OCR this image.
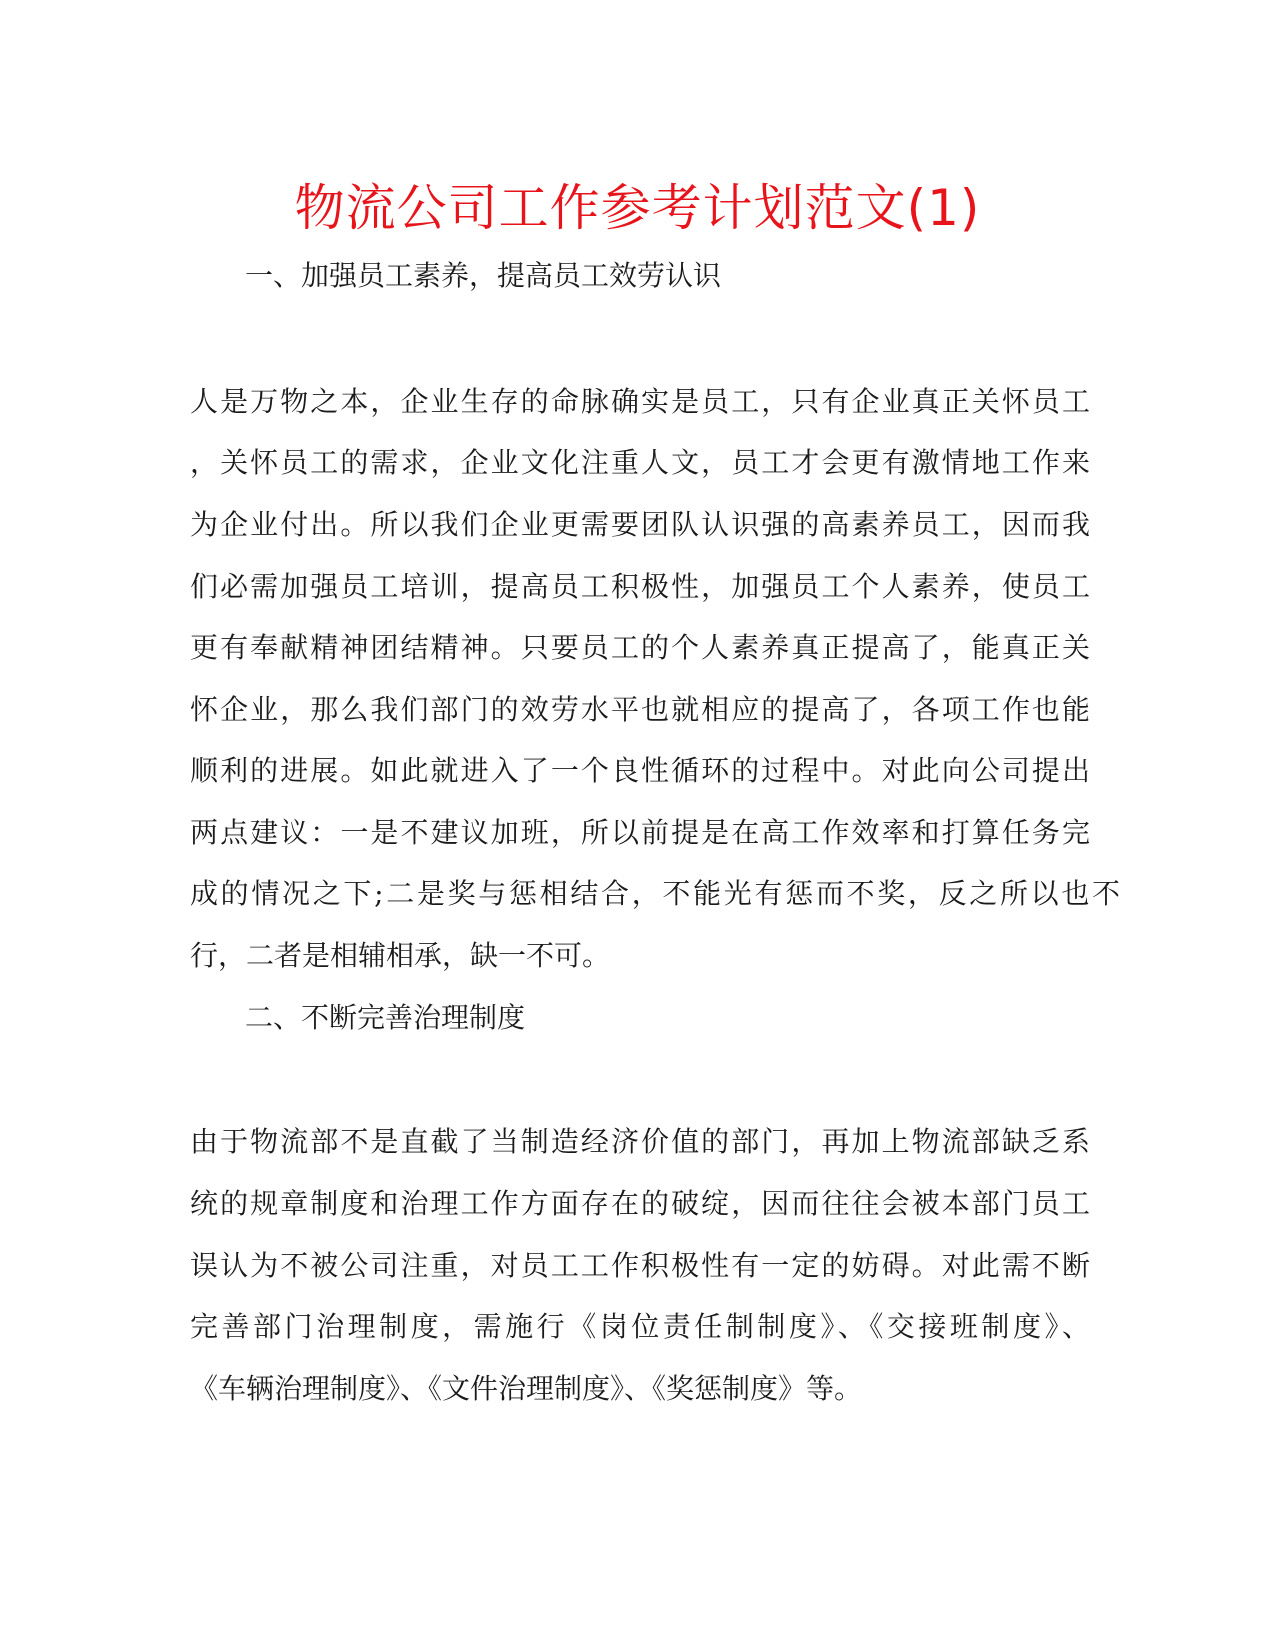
物流公司工作参考计划范文(1)
一、加强员工素养，提高员工效劳认识
人是万物之本，企业生存的命脉确实是员工，只有企业真正关怀员工
，关怀员工的需求，企业文化注重人文，员工才会更有激情地工作来
为企业付出。所以我们企业更需要团队认识强的高素养员工，因而我
们必需加强员工培训，提高员工积极性，加强员工个人素养，使员工
更有奉献精神团结精神。只要员工的个人素养真正提高了，能真正关
怀企业，那么我们部门的效劳水平也就相应的提高了，各项工作也能
顺利的进展。如此就进入了一个良性循环的过程中。对此向公司提出
两点建议：一是不建议加班，所以前提是在高工作效率和打算任务完
成的情况之下;二是奖与惩相结合，不能光有惩而不奖，反之所以也不
行，二者是相辅相承，缺一不可。
二、不断完善治理制度
由于物流部不是直截了当制造经济价值的部门，再加上物流部缺乏系
统的规章制度和治理工作方面存在的破绽，因而往往会被本部门员工
误认为不被公司注重，对员工工作积极性有一定的妨碍。对此需不断
完善部门治理制度，需施行《岗位责任制制度》、《交接班制度》、
《车辆治理制度》、《文件治理制度》、《奖惩制度》等。
